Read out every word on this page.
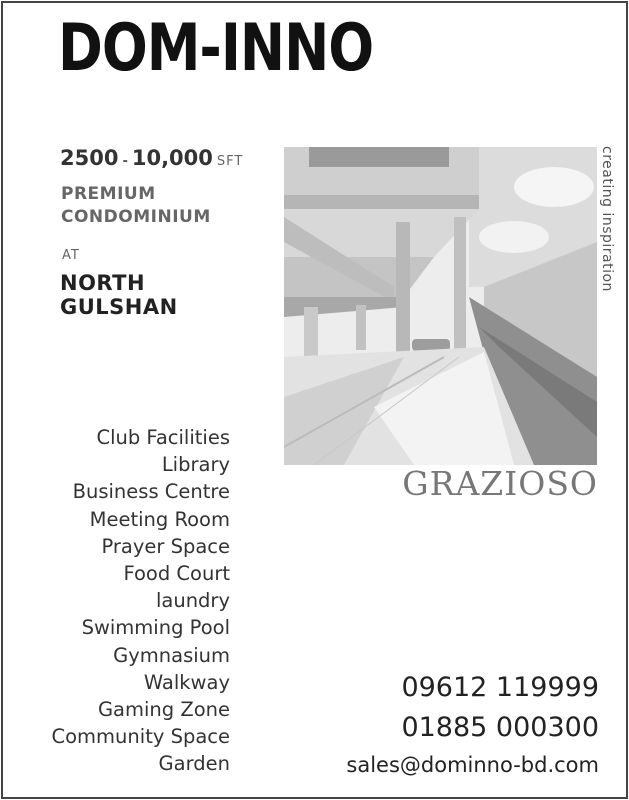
DOM-INNO
2500 - 10,000 SFT
PREMIUM
CONDOMINIUM
AT
NORTH
GULSHAN
creating inspiration
GRAZIOSO
Club Facilities
Library
Business Centre
Meeting Room
Prayer Space
Food Court
laundry
Swimming Pool
Gymnasium
Walkway
Gaming Zone
Community Space
Garden
09612 119999
01885 000300
sales@dominno-bd.com
